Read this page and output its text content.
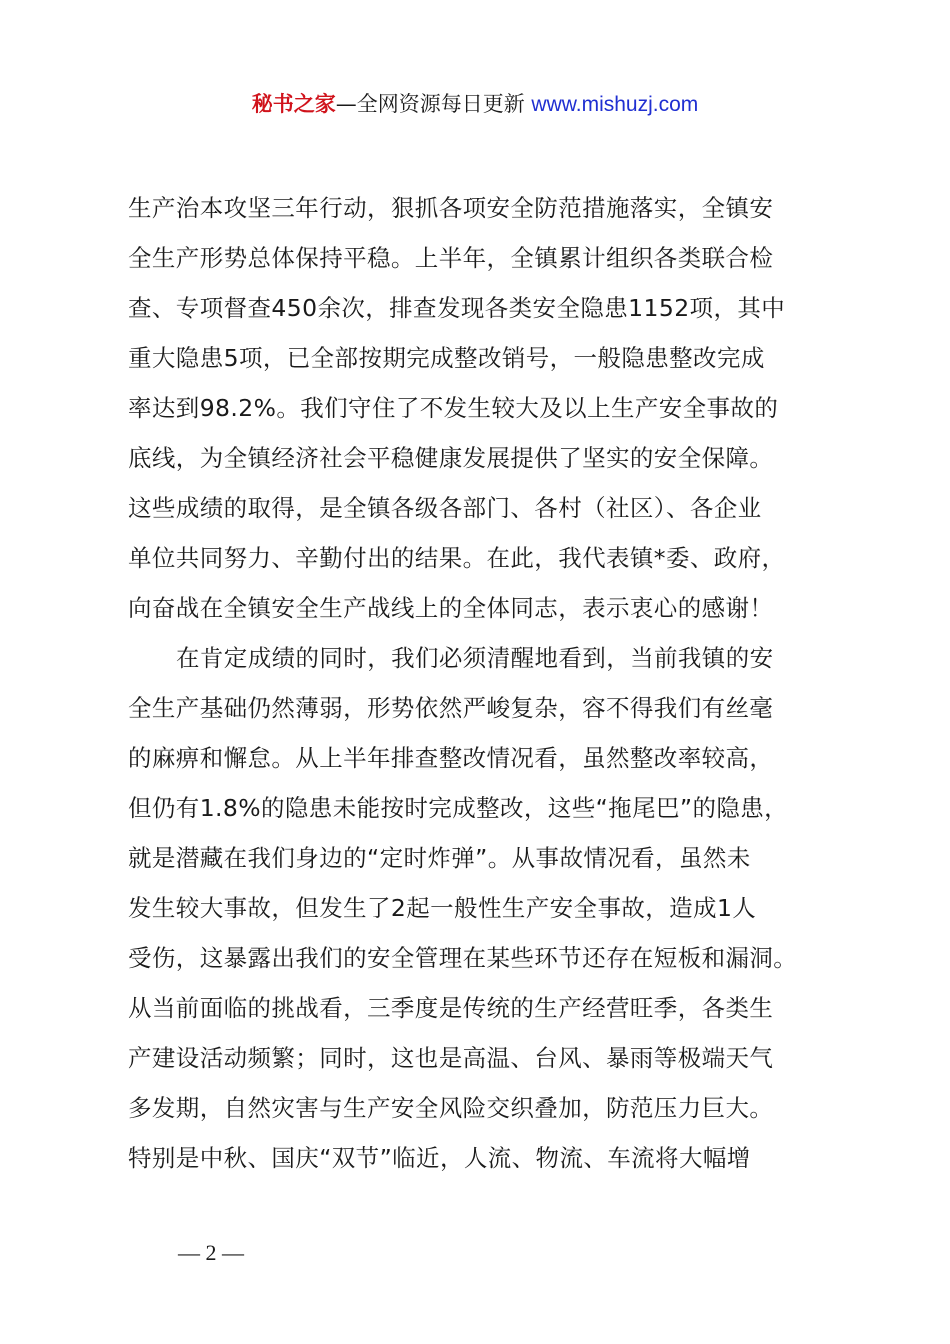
秘书之家—全网资源每日更新 www.mishuzj.com
生产治本攻坚三年行动，狠抓各项安全防范措施落实，全镇安
全生产形势总体保持平稳。上半年，全镇累计组织各类联合检
查、专项督查450余次，排查发现各类安全隐患1152项，其中
重大隐患5项，已全部按期完成整改销号，一般隐患整改完成
率达到98.2%。我们守住了不发生较大及以上生产安全事故的
底线，为全镇经济社会平稳健康发展提供了坚实的安全保障。
这些成绩的取得，是全镇各级各部门、各村（社区）、各企业
单位共同努力、辛勤付出的结果。在此，我代表镇*委、政府，
向奋战在全镇安全生产战线上的全体同志，表示衷心的感谢！
在肯定成绩的同时，我们必须清醒地看到，当前我镇的安
全生产基础仍然薄弱，形势依然严峻复杂，容不得我们有丝毫
的麻痹和懈怠。从上半年排查整改情况看，虽然整改率较高，
但仍有1.8%的隐患未能按时完成整改，这些“拖尾巴”的隐患，
就是潜藏在我们身边的“定时炸弹”。从事故情况看，虽然未
发生较大事故，但发生了2起一般性生产安全事故，造成1人
受伤，这暴露出我们的安全管理在某些环节还存在短板和漏洞。
从当前面临的挑战看，三季度是传统的生产经营旺季，各类生
产建设活动频繁；同时，这也是高温、台风、暴雨等极端天气
多发期，自然灾害与生产安全风险交织叠加，防范压力巨大。
特别是中秋、国庆“双节”临近，人流、物流、车流将大幅增
— 2 —
